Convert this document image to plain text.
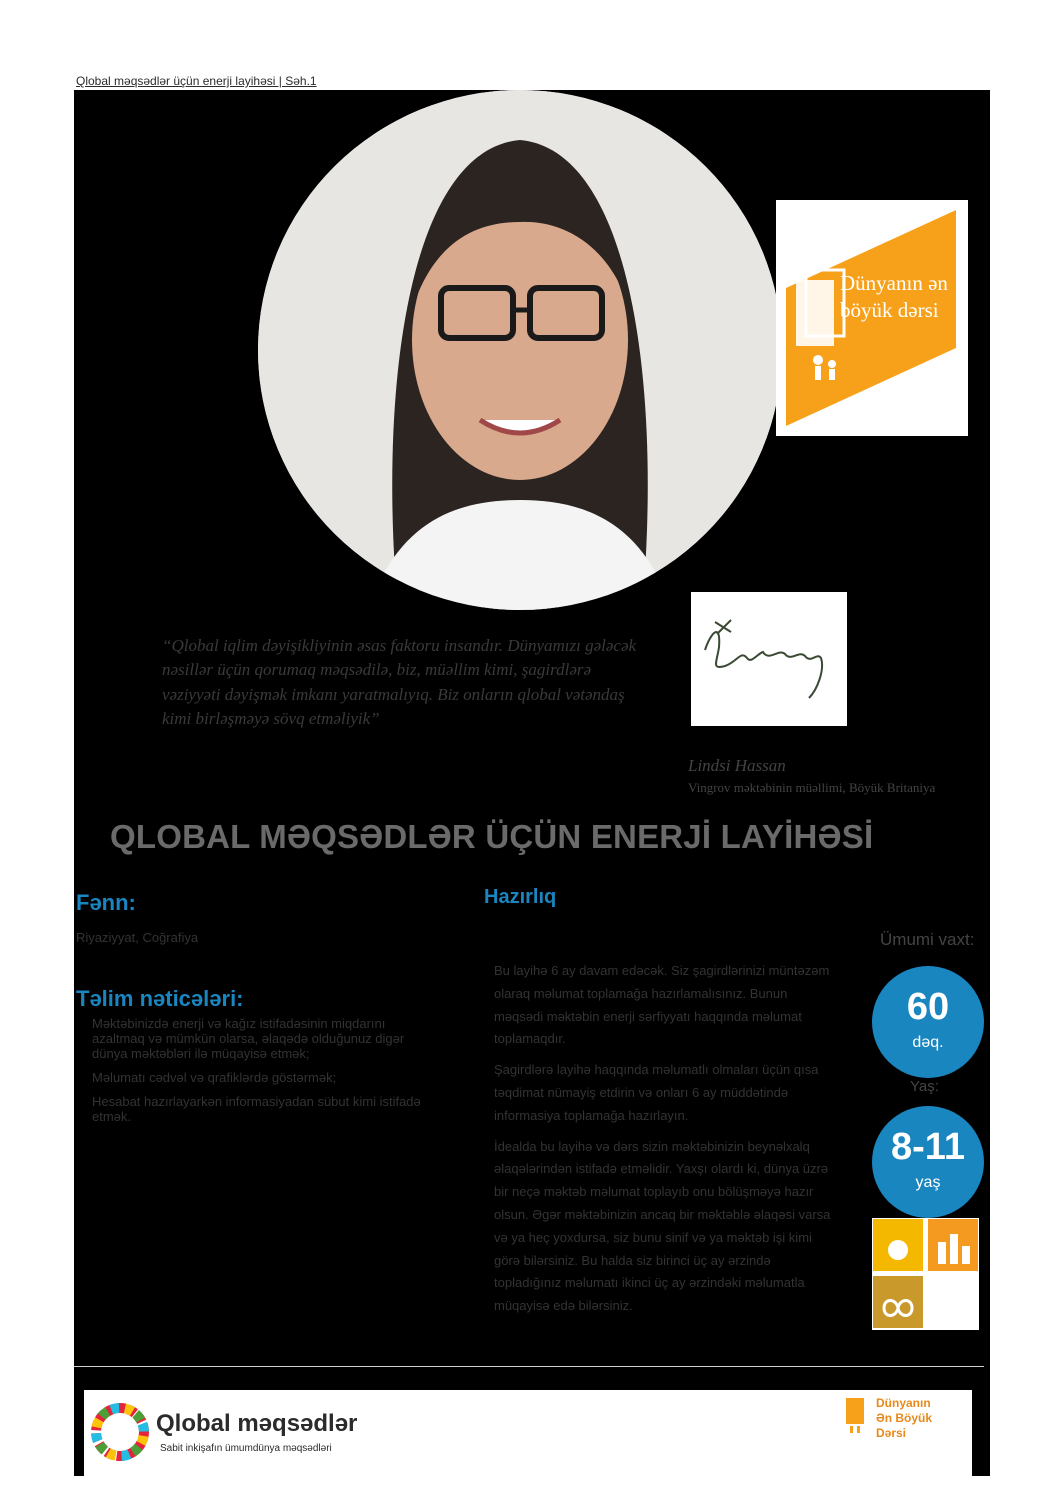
Qlobal məqsədlər üçün enerji layihəsi | Səh.1
Dünyanın ən böyük dərsi
“Qlobal iqlim dəyişikliyinin əsas faktoru insandır. Dünyamızı gələcək nəsillər üçün qorumaq məqsədilə, biz, müəllim kimi, şagirdlərə vəziyyəti dəyişmək imkanı yaratmalıyıq. Biz onların qlobal vətəndaş kimi birləşməyə sövq etməliyik”
Lindsi Hassan
Vingrov məktəbinin müəllimi, Böyük Britaniya
QLOBAL MƏQSƏDLƏR ÜÇÜN ENERJİ LAYİHƏSİ
Fənn:
Riyaziyyat, Coğrafiya
Təlim nəticələri:
Məktəbinizdə enerji və kağız istifadəsinin miqdarını azaltmaq və mümkün olarsa, əlaqədə olduğunuz digər dünya məktəbləri ilə müqayisə etmək;
Məlumatı cədvəl və qrafiklərdə göstərmək;
Hesabat hazırlayarkən informasiyadan sübut kimi istifadə etmək.
Hazırlıq

Bu layihə 6 ay davam edəcək. Siz şagirdlərinizi müntəzəm olaraq məlumat toplamağa hazırlamalısınız. Bunun məqsədi məktəbin enerji sərfiyyatı haqqında məlumat toplamaqdır.

Şagirdlərə layihə haqqında məlumatlı olmaları üçün qısa təqdimat nümayiş etdirin və onları 6 ay müddətində informasiya toplamağa hazırlayın.

İdealda bu layihə və dərs sizin məktəbinizin beynəlxalq əlaqələrindən istifadə etməlidir. Yaxşı olardı ki, dünya üzrə bir neçə məktəb məlumat toplayıb onu bölüşməyə hazır olsun. Əgər məktəbinizin ancaq bir məktəblə əlaqəsi varsa və ya heç yoxdursa, siz bunu sinif və ya məktəb işi kimi görə bilərsiniz. Bu halda siz birinci üç ay ərzində topladığınız məlumatı ikinci üç ay ərzindəki məlumatla müqayisə edə bilərsiniz.

Ümumi vaxt:
60
dəq.
Yaş:
8-11
yaş
Qlobal məqsədlər
Sabit inkişafın ümumdünya məqsədləri
Dünyanın
Ən Böyük
Dərsi
